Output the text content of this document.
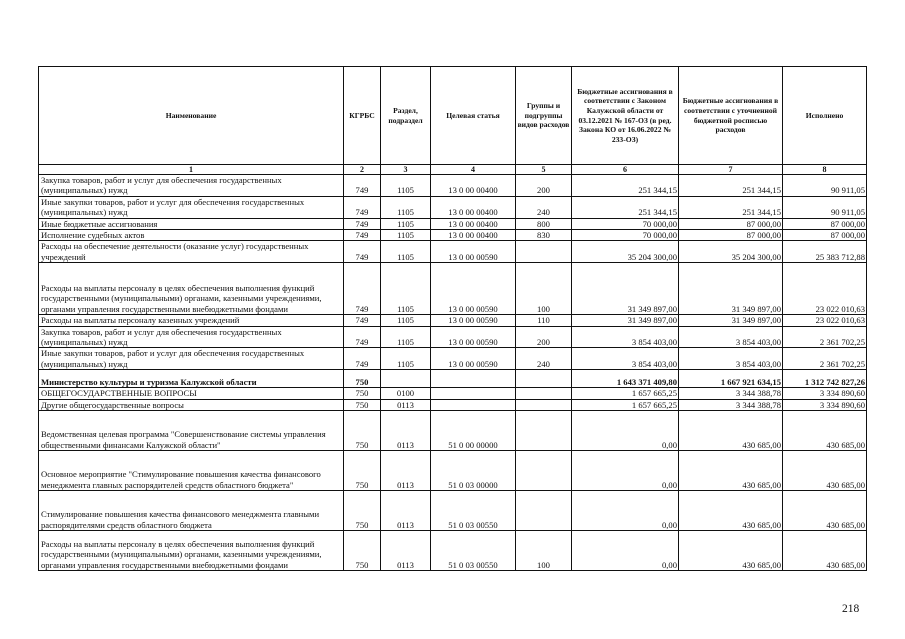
Наименование	КГРБС	Раздел, подраздел	Целевая статья	Группы и подгруппы видов расходов	Бюджетные ассигнования в соответствии с Законом Калужской области от 03.12.2021 № 167-ОЗ (в ред. Закона КО от 16.06.2022 № 233-ОЗ)	Бюджетные ассигнования в соответствии с уточненной бюджетной росписью расходов	Исполнено
1	2	3	4	5	6	7	8
Закупка товаров, работ и услуг для обеспечения государственных (муниципальных) нужд	749	1105	13 0 00 00400	200	251 344,15	251 344,15	90 911,05
Иные закупки товаров, работ и услуг для обеспечения государственных (муниципальных) нужд	749	1105	13 0 00 00400	240	251 344,15	251 344,15	90 911,05
Иные бюджетные ассигнования	749	1105	13 0 00 00400	800	70 000,00	87 000,00	87 000,00
Исполнение судебных актов	749	1105	13 0 00 00400	830	70 000,00	87 000,00	87 000,00
Расходы на обеспечение деятельности (оказание услуг) государственных учреждений	749	1105	13 0 00 00590		35 204 300,00	35 204 300,00	25 383 712,88
Расходы на выплаты персоналу в целях обеспечения выполнения функций государственными (муниципальными) органами, казенными учреждениями, органами управления государственными внебюджетными фондами	749	1105	13 0 00 00590	100	31 349 897,00	31 349 897,00	23 022 010,63
Расходы на выплаты персоналу казенных учреждений	749	1105	13 0 00 00590	110	31 349 897,00	31 349 897,00	23 022 010,63
Закупка товаров, работ и услуг для обеспечения государственных (муниципальных) нужд	749	1105	13 0 00 00590	200	3 854 403,00	3 854 403,00	2 361 702,25
Иные закупки товаров, работ и услуг для обеспечения государственных (муниципальных) нужд	749	1105	13 0 00 00590	240	3 854 403,00	3 854 403,00	2 361 702,25
Министерство культуры и туризма Калужской области	750				1 643 371 409,80	1 667 921 634,15	1 312 742 827,26
ОБЩЕГОСУДАРСТВЕННЫЕ ВОПРОСЫ	750	0100			1 657 665,25	3 344 388,78	3 334 890,60
Другие общегосударственные вопросы	750	0113			1 657 665,25	3 344 388,78	3 334 890,60
Ведомственная целевая программа "Совершенствование системы управления общественными финансами Калужской области"	750	0113	51 0 00 00000		0,00	430 685,00	430 685,00
Основное мероприятие "Стимулирование повышения качества финансового менеджмента главных распорядителей средств областного бюджета"	750	0113	51 0 03 00000		0,00	430 685,00	430 685,00
Стимулирование повышения качества финансового менеджмента главными распорядителями средств областного бюджета	750	0113	51 0 03 00550		0,00	430 685,00	430 685,00
Расходы на выплаты персоналу в целях обеспечения выполнения функций государственными (муниципальными) органами, казенными учреждениями, органами управления государственными внебюджетными фондами	750	0113	51 0 03 00550	100	0,00	430 685,00	430 685,00
218
